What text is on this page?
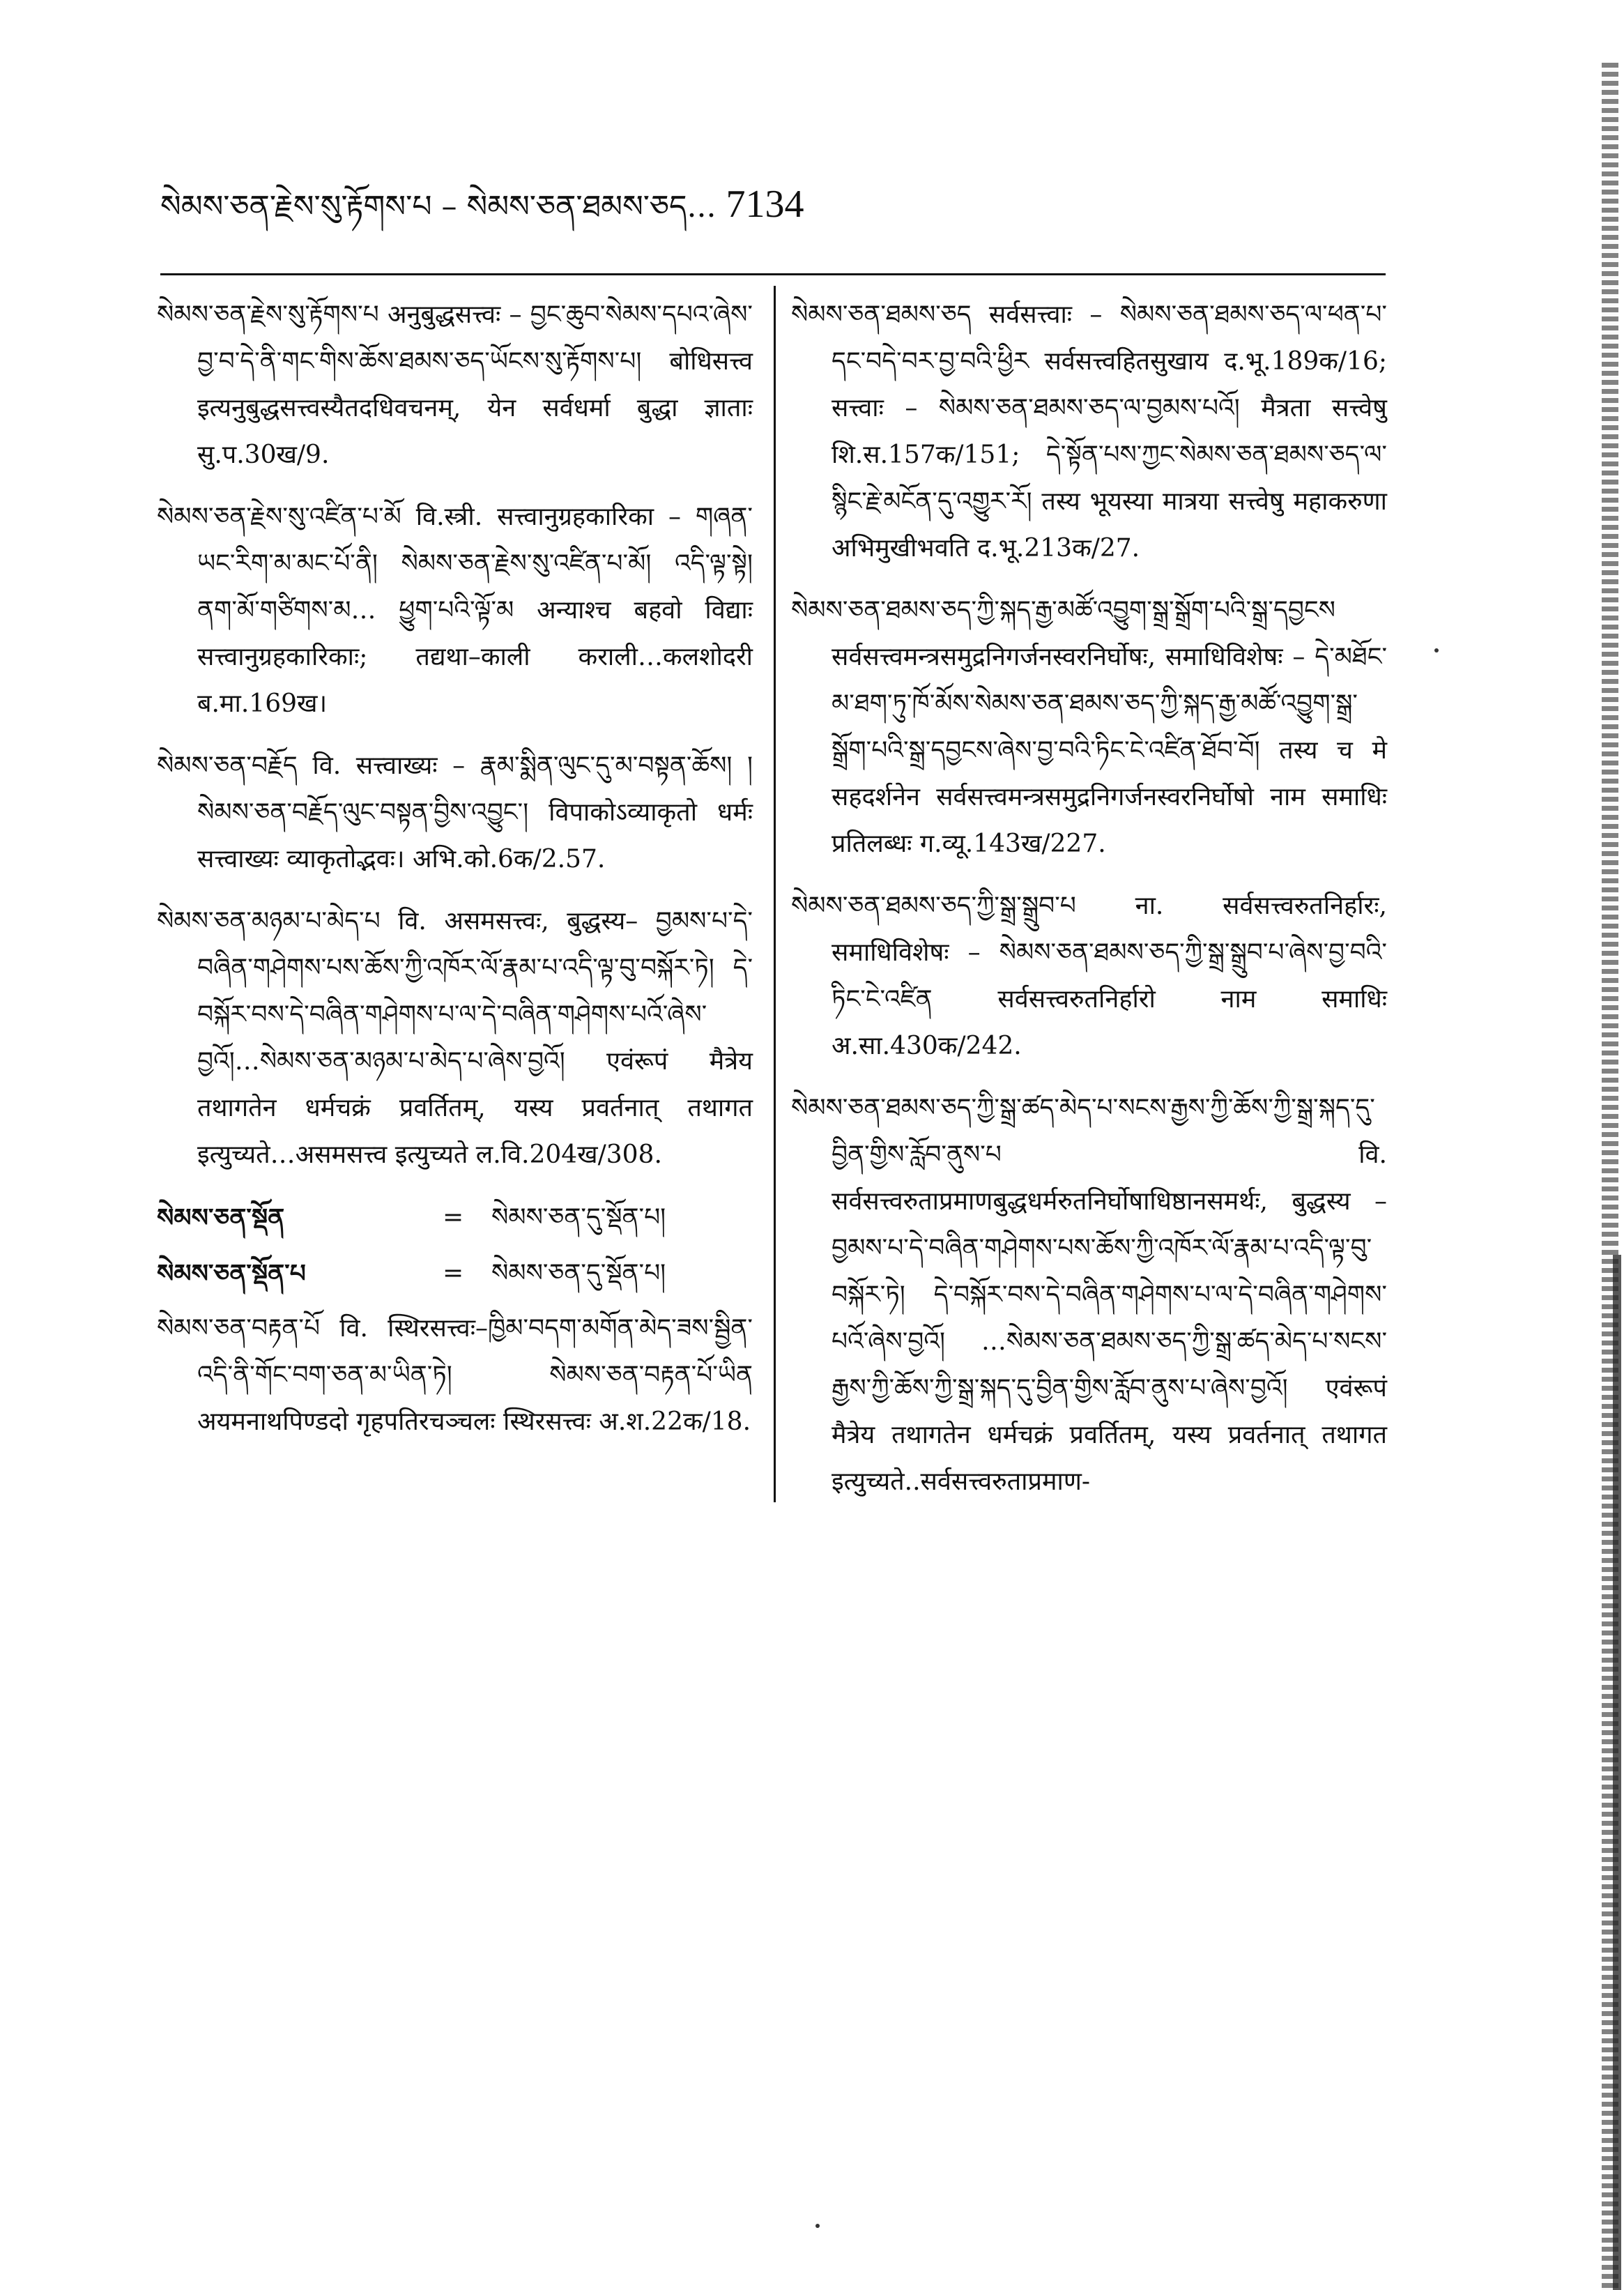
སེམས་ཅན་རྗེས་སུ་རྟོགས་པ – སེམས་ཅན་ཐམས་ཅད... 7134

སེམས་ཅན་རྗེས་སུ་རྟོགས་པ अनुबुद्धसत्त्वः – བྱང་ཆུབ་སེམས་དཔའ་ཞེས་བྱ་བ་དེ་ནི་གང་གིས་ཆོས་ཐམས་ཅད་ཡོངས་སུ་རྟོགས་པ། बोधिसत्त्व इत्यनुबुद्धसत्त्वस्यैतदधिवचनम्, येन सर्वधर्मा बुद्धा ज्ञाताः सु.प.30ख/9.

སེམས་ཅན་རྗེས་སུ་འཛིན་པ་མོ वि.स्त्री. सत्त्वानुग्रहकारिका – གཞན་ཡང་རིག་མ་མང་པོ་ནི། སེམས་ཅན་རྗེས་སུ་འཛིན་པ་མོ། འདི་ལྟ་སྟེ། ནག་མོ་གཙིགས་མ… ཕྱུག་པའི་ལྟོ་མ अन्याश्च बहवो विद्याः सत्त्वानुग्रहकारिकाः; तद्यथा–काली कराली…कलशोदरी ब.मा.169ख।

སེམས་ཅན་བརྗོད वि. सत्त्वाख्यः – རྣམ་སྨིན་ལུང་དུ་མ་བསྟན་ཆོས། །སེམས་ཅན་བརྗོད་ལུང་བསྟན་བྱིས་འབྱུང་། विपाकोऽव्याकृतो धर्मः सत्त्वाख्यः व्याकृतोद्भवः। अभि.को.6क/2.57.

སེམས་ཅན་མཉམ་པ་མེད་པ वि. असमसत्त्वः, बुद्धस्य– བྱམས་པ་དེ་བཞིན་གཤེགས་པས་ཆོས་ཀྱི་འཁོར་ལོ་རྣམ་པ་འདི་ལྟ་བུ་བསྐོར་ཏེ། དེ་བསྐོར་བས་དེ་བཞིན་གཤེགས་པ་ལ་དེ་བཞིན་གཤེགས་པའོ་ཞེས་བྱའོ།…སེམས་ཅན་མཉམ་པ་མེད་པ་ཞེས་བྱའོ། एवंरूपं मैत्रेय तथागतेन धर्मचक्रं प्रवर्तितम्, यस्य प्रवर्तनात् तथागत इत्युच्यते…असमसत्त्व इत्युच्यते ल.वि.204ख/308.

སེམས་ཅན་སྡོན	=	སེམས་ཅན་དུ་སྡོན་པ།
སེམས་ཅན་སྡོན་པ	=	སེམས་ཅན་དུ་སྡོན་པ།

སེམས་ཅན་བརྟན་པོ वि. स्थिरसत्त्वः–ཁྱིམ་བདག་མགོན་མེད་ཟས་སྦྱིན་འདི་ནི་གོང་བག་ཅན་མ་ཡིན་ཏེ། སེམས་ཅན་བརྟན་པོ་ཡིན अयमनाथपिण्डदो गृहपतिरचञ्चलः स्थिरसत्त्वः अ.श.22क/18.

སེམས་ཅན་ཐམས་ཅད सर्वसत्त्वाः – སེམས་ཅན་ཐམས་ཅད་ལ་ཕན་པ་དང་བདེ་བར་བྱ་བའི་ཕྱིར सर्वसत्त्वहितसुखाय द.भू.189क/16; सत्त्वाः – སེམས་ཅན་ཐམས་ཅད་ལ་བྱམས་པའོ། मैत्रता सत्त्वेषु शि.स.157क/151; དེ་སྟོན་པས་ཀྱང་སེམས་ཅན་ཐམས་ཅད་ལ་སྙིང་རྗེ་མངོན་དུ་འགྱུར་རོ། तस्य भूयस्या मात्रया सत्त्वेषु महाकरुणा अभिमुखीभवति द.भू.213क/27.

སེམས་ཅན་ཐམས་ཅད་ཀྱི་སྐད་རྒྱ་མཚོ་འབྱུག་སྒྲ་སྒྲོག་པའི་སྒྲ་དབྱངས सर्वसत्त्वमन्त्रसमुद्रनिगर्जनस्वरनिर्घोषः, समाधिविशेषः – དེ་མཐོང་མ་ཐག་ཏུ་ཁོ་མོས་སེམས་ཅན་ཐམས་ཅད་ཀྱི་སྐད་རྒྱ་མཚོ་འབྱུག་སྒྲ་སྒྲོག་པའི་སྒྲ་དབྱངས་ཞེས་བྱ་བའི་ཏིང་ངེ་འཛིན་ཐོབ་བོ། तस्य च मे सहदर्शनेन सर्वसत्त्वमन्त्रसमुद्रनिगर्जनस्वरनिर्घोषो नाम समाधिः प्रतिलब्धः ग.व्यू.143ख/227.

སེམས་ཅན་ཐམས་ཅད་ཀྱི་སྒྲ་སྒྲུབ་པ ना. सर्वसत्त्वरुतनिर्हारः, समाधिविशेषः – སེམས་ཅན་ཐམས་ཅད་ཀྱི་སྒྲ་སྒྲུབ་པ་ཞེས་བྱ་བའི་ཏིང་ངེ་འཛིན सर्वसत्त्वरुतनिर्हारो नाम समाधिः अ.सा.430क/242.

སེམས་ཅན་ཐམས་ཅད་ཀྱི་སྒྲ་ཚད་མེད་པ་སངས་རྒྱས་ཀྱི་ཆོས་ཀྱི་སྒྲ་སྐད་དུ་བྱིན་གྱིས་རློབ་ནུས་པ वि. सर्वसत्त्वरुताप्रमाणबुद्धधर्मरुतनिर्घोषाधिष्ठानसमर्थः, बुद्धस्य – བྱམས་པ་དེ་བཞིན་གཤེགས་པས་ཆོས་ཀྱི་འཁོར་ལོ་རྣམ་པ་འདི་ལྟ་བུ་བསྐོར་ཏེ། དེ་བསྐོར་བས་དེ་བཞིན་གཤེགས་པ་ལ་དེ་བཞིན་གཤེགས་པའོ་ཞེས་བྱའོ། …སེམས་ཅན་ཐམས་ཅད་ཀྱི་སྒྲ་ཚད་མེད་པ་སངས་རྒྱས་ཀྱི་ཆོས་ཀྱི་སྒྲ་སྐད་དུ་བྱིན་གྱིས་རློབ་ནུས་པ་ཞེས་བྱའོ། एवंरूपं मैत्रेय तथागतेन धर्मचक्रं प्रवर्तितम्, यस्य प्रवर्तनात् तथागत इत्युच्यते..सर्वसत्त्वरुताप्रमाण-
